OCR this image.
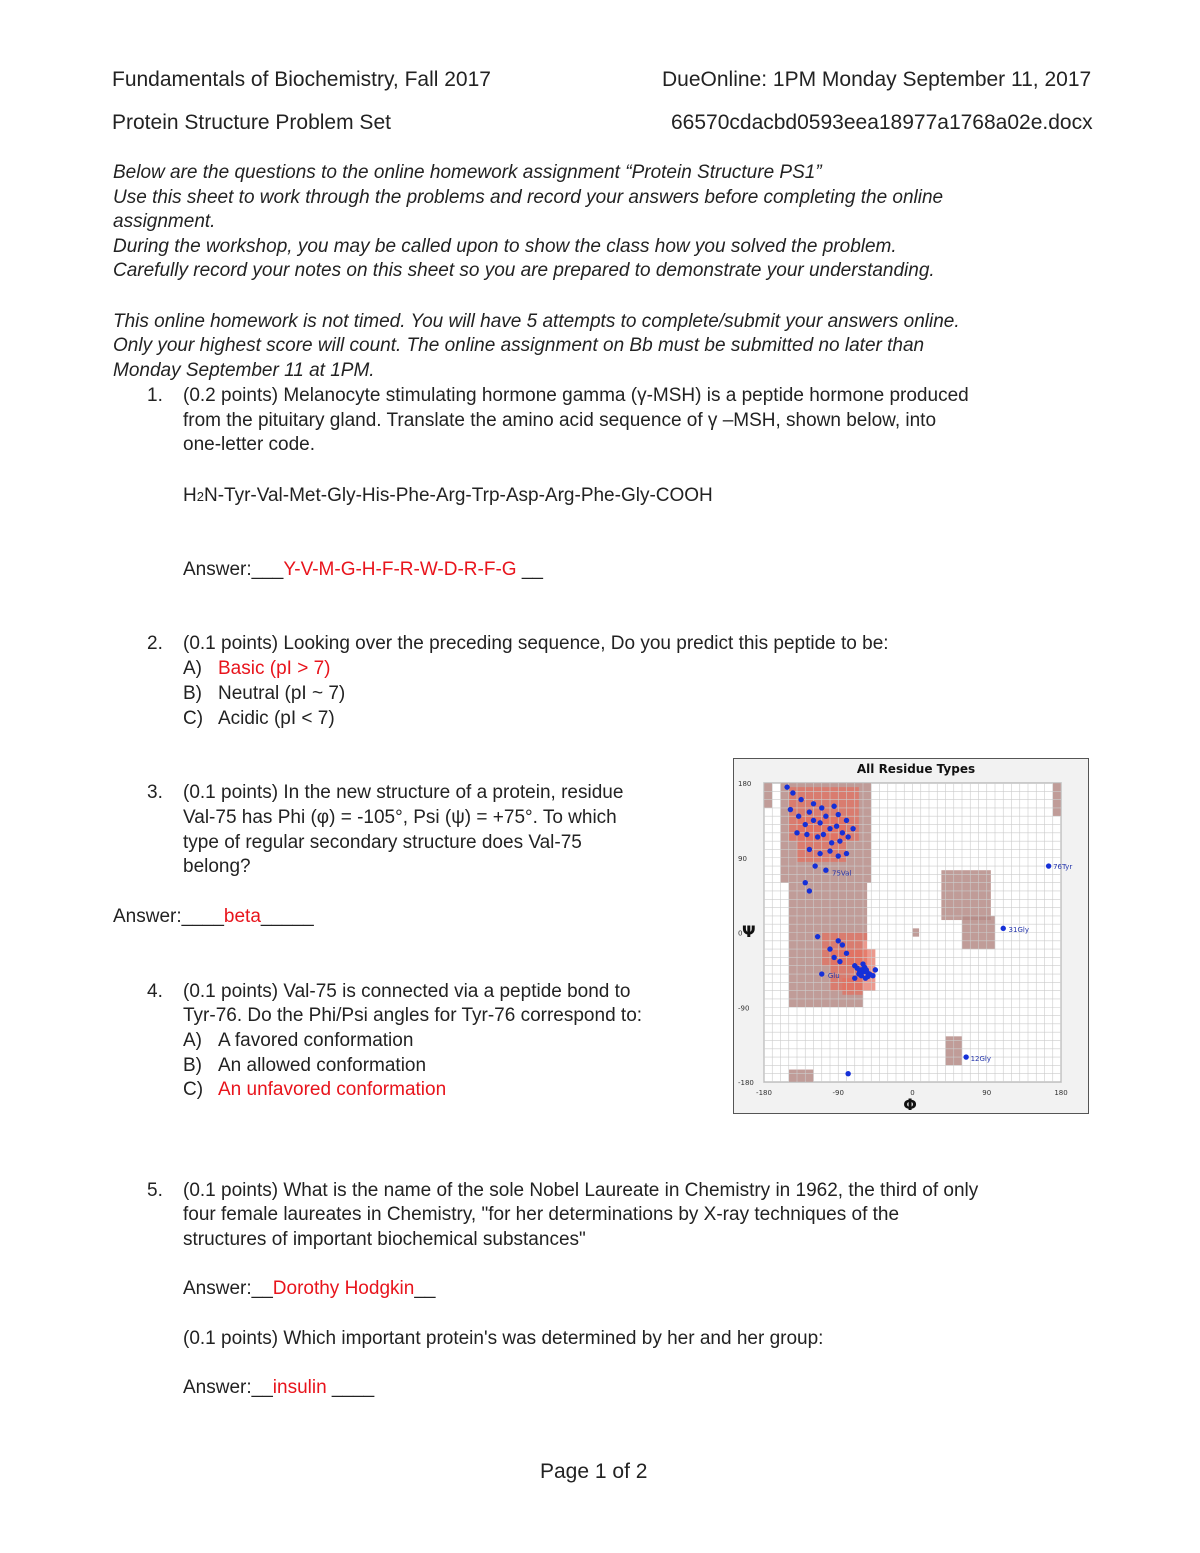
Fundamentals of Biochemistry, Fall 2017	DueOnline: 1PM Monday September 11, 2017
Protein Structure Problem Set	66570cdacbd0593eea18977a1768a02e.docx
Below are the questions to the online homework assignment “Protein Structure PS1”
Use this sheet to work through the problems and record your answers before completing the online
assignment.
During the workshop, you may be called upon to show the class how you solved the problem.
Carefully record your notes on this sheet so you are prepared to demonstrate your understanding.
This online homework is not timed. You will have 5 attempts to complete/submit your answers online.
Only your highest score will count. The online assignment on Bb must be submitted no later than
Monday September 11 at 1PM.
1. (0.2 points) Melanocyte stimulating hormone gamma (γ-MSH) is a peptide hormone produced
from the pituitary gland. Translate the amino acid sequence of γ –MSH, shown below, into
one-letter code.
H2N-Tyr-Val-Met-Gly-His-Phe-Arg-Trp-Asp-Arg-Phe-Gly-COOH
Answer:___Y-V-M-G-H-F-R-W-D-R-F-G __
2. (0.1 points) Looking over the preceding sequence, Do you predict this peptide to be:
A) Basic (pI > 7)
B) Neutral (pI ~ 7)
C) Acidic (pI < 7)
3. (0.1 points) In the new structure of a protein, residue
Val-75 has Phi (φ) = -105°, Psi (ψ) = +75°. To which
type of regular secondary structure does Val-75
belong?
Answer:____beta_____
4. (0.1 points) Val-75 is connected via a peptide bond to
Tyr-76. Do the Phi/Psi angles for Tyr-76 correspond to:
A) A favored conformation
B) An allowed conformation
C) An unfavored conformation
5. (0.1 points) What is the name of the sole Nobel Laureate in Chemistry in 1962, the third of only
four female laureates in Chemistry, "for her determinations by X-ray techniques of the
structures of important biochemical substances"
Answer:__Dorothy Hodgkin__
(0.1 points) Which important protein's was determined by her and her group:
Answer:__insulin ____
Page 1 of 2
All Residue Types
75Val
76Tyr
31Gly
12Gly
Glu
180
90
0
-90
-180
-180	-90	0	90	180
Ψ
Φ
